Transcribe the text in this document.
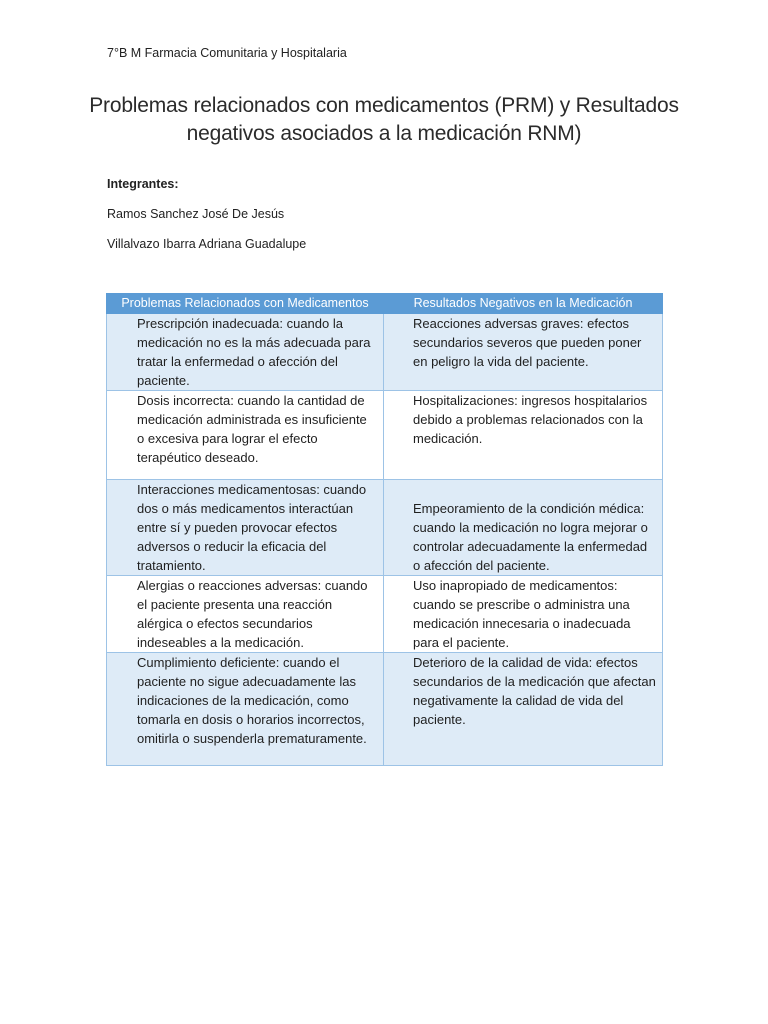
7°B M Farmacia Comunitaria y Hospitalaria
Problemas relacionados con medicamentos (PRM) y Resultados
negativos asociados a la medicación RNM)
Integrantes:
Ramos Sanchez José De Jesús
Villalvazo Ibarra Adriana Guadalupe
Problemas Relacionados con Medicamentos	Resultados Negativos en la Medicación
Prescripción inadecuada: cuando la medicación no es la más adecuada para tratar la enfermedad o afección del paciente.	Reacciones adversas graves: efectos secundarios severos que pueden poner en peligro la vida del paciente.
Dosis incorrecta: cuando la cantidad de medicación administrada es insuficiente o excesiva para lograr el efecto terapéutico deseado.	Hospitalizaciones: ingresos hospitalarios debido a problemas relacionados con la medicación.

Interacciones medicamentosas: cuando dos o más medicamentos interactúan entre sí y pueden provocar efectos adversos o reducir la eficacia del tratamiento.	Empeoramiento de la condición médica: cuando la medicación no logra mejorar o controlar adecuadamente la enfermedad o afección del paciente.

Alergias o reacciones adversas: cuando el paciente presenta una reacción alérgica o efectos secundarios indeseables a la medicación.	Uso inapropiado de medicamentos: cuando se prescribe o administra una medicación innecesaria o inadecuada para el paciente.
Cumplimiento deficiente: cuando el paciente no sigue adecuadamente las indicaciones de la medicación, como tomarla en dosis o horarios incorrectos, omitirla o suspenderla prematuramente.	Deterioro de la calidad de vida: efectos secundarios de la medicación que afectan negativamente la calidad de vida del paciente.
